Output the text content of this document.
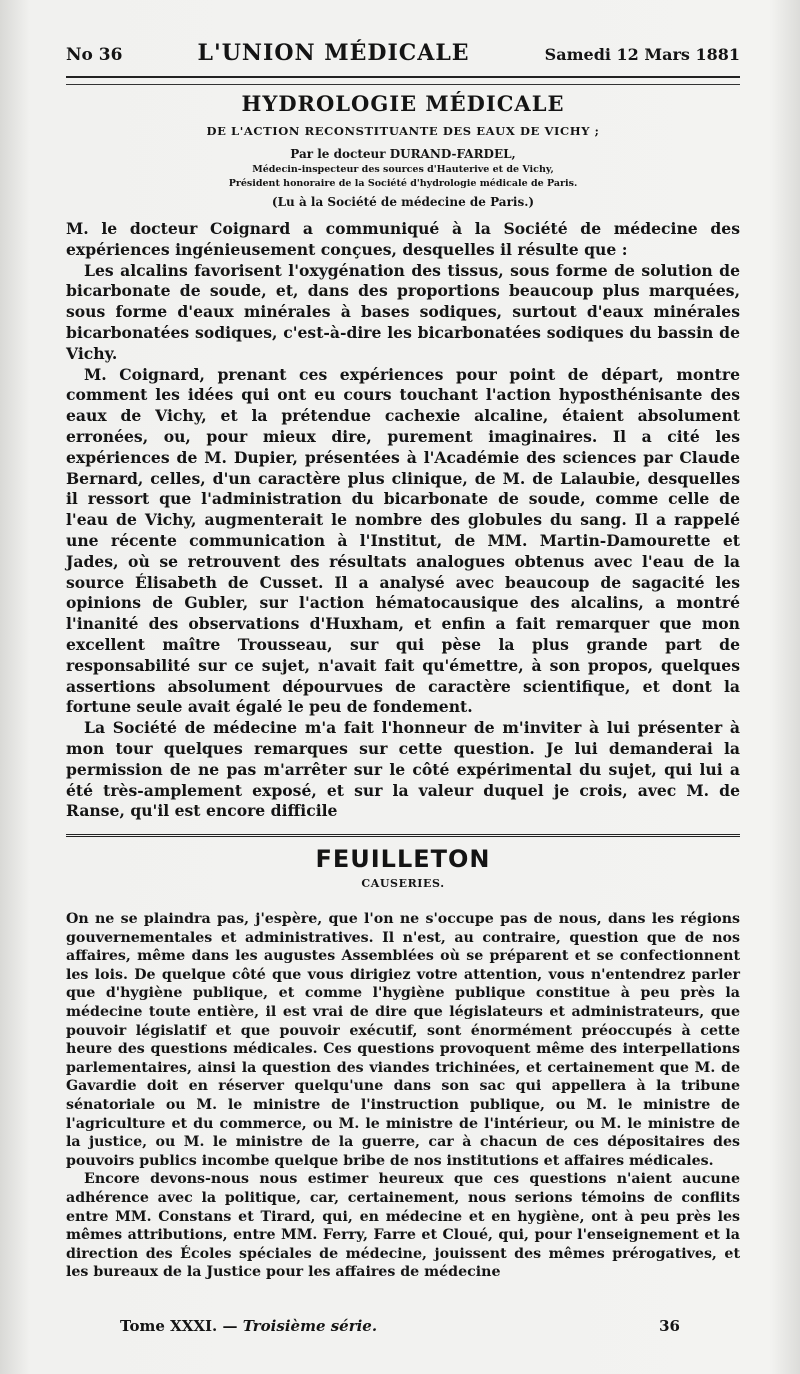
No 36	L'UNION MÉDICALE	Samedi 12 Mars 1881
HYDROLOGIE MÉDICALE
DE L'ACTION RECONSTITUANTE DES EAUX DE VICHY ;
Par le docteur DURAND-FARDEL,
Médecin-inspecteur des sources d'Hauterive et de Vichy,
Président honoraire de la Société d'hydrologie médicale de Paris.
(Lu à la Société de médecine de Paris.)

M. le docteur Coignard a communiqué à la Société de médecine des expériences ingénieusement conçues, desquelles il résulte que :

Les alcalins favorisent l'oxygénation des tissus, sous forme de solution de bicarbonate de soude, et, dans des proportions beaucoup plus marquées, sous forme d'eaux minérales à bases sodiques, surtout d'eaux minérales bicarbonatées sodiques, c'est-à-dire les bicarbonatées sodiques du bassin de Vichy.

M. Coignard, prenant ces expériences pour point de départ, montre comment les idées qui ont eu cours touchant l'action hyposthénisante des eaux de Vichy, et la prétendue cachexie alcaline, étaient absolument erronées, ou, pour mieux dire, purement imaginaires. Il a cité les expériences de M. Dupier, présentées à l'Académie des sciences par Claude Bernard, celles, d'un caractère plus clinique, de M. de Lalaubie, desquelles il ressort que l'administration du bicarbonate de soude, comme celle de l'eau de Vichy, augmenterait le nombre des globules du sang. Il a rappelé une récente communication à l'Institut, de MM. Martin-Damourette et Jades, où se retrouvent des résultats analogues obtenus avec l'eau de la source Élisabeth de Cusset. Il a analysé avec beaucoup de sagacité les opinions de Gubler, sur l'action hématocausique des alcalins, a montré l'inanité des observations d'Huxham, et enfin a fait remarquer que mon excellent maître Trousseau, sur qui pèse la plus grande part de responsabilité sur ce sujet, n'avait fait qu'émettre, à son propos, quelques assertions absolument dépourvues de caractère scientifique, et dont la fortune seule avait égalé le peu de fondement.

La Société de médecine m'a fait l'honneur de m'inviter à lui présenter à mon tour quelques remarques sur cette question. Je lui demanderai la permission de ne pas m'arrêter sur le côté expérimental du sujet, qui lui a été très-amplement exposé, et sur la valeur duquel je crois, avec M. de Ranse, qu'il est encore difficile

FEUILLETON
CAUSERIES.

On ne se plaindra pas, j'espère, que l'on ne s'occupe pas de nous, dans les régions gouvernementales et administratives. Il n'est, au contraire, question que de nos affaires, même dans les augustes Assemblées où se préparent et se confectionnent les lois. De quelque côté que vous dirigiez votre attention, vous n'entendrez parler que d'hygiène publique, et comme l'hygiène publique constitue à peu près la médecine toute entière, il est vrai de dire que législateurs et administrateurs, que pouvoir législatif et que pouvoir exécutif, sont énormément préoccupés à cette heure des questions médicales. Ces questions provoquent même des interpellations parlementaires, ainsi la question des viandes trichinées, et certainement que M. de Gavardie doit en réserver quelqu'une dans son sac qui appellera à la tribune sénatoriale ou M. le ministre de l'instruction publique, ou M. le ministre de l'agriculture et du commerce, ou M. le ministre de l'intérieur, ou M. le ministre de la justice, ou M. le ministre de la guerre, car à chacun de ces dépositaires des pouvoirs publics incombe quelque bribe de nos institutions et affaires médicales.

Encore devons-nous nous estimer heureux que ces questions n'aient aucune adhérence avec la politique, car, certainement, nous serions témoins de conflits entre MM. Constans et Tirard, qui, en médecine et en hygiène, ont à peu près les mêmes attributions, entre MM. Ferry, Farre et Cloué, qui, pour l'enseignement et la direction des Écoles spéciales de médecine, jouissent des mêmes prérogatives, et les bureaux de la Justice pour les affaires de médecine

Tome XXXI. — Troisième série.	36
